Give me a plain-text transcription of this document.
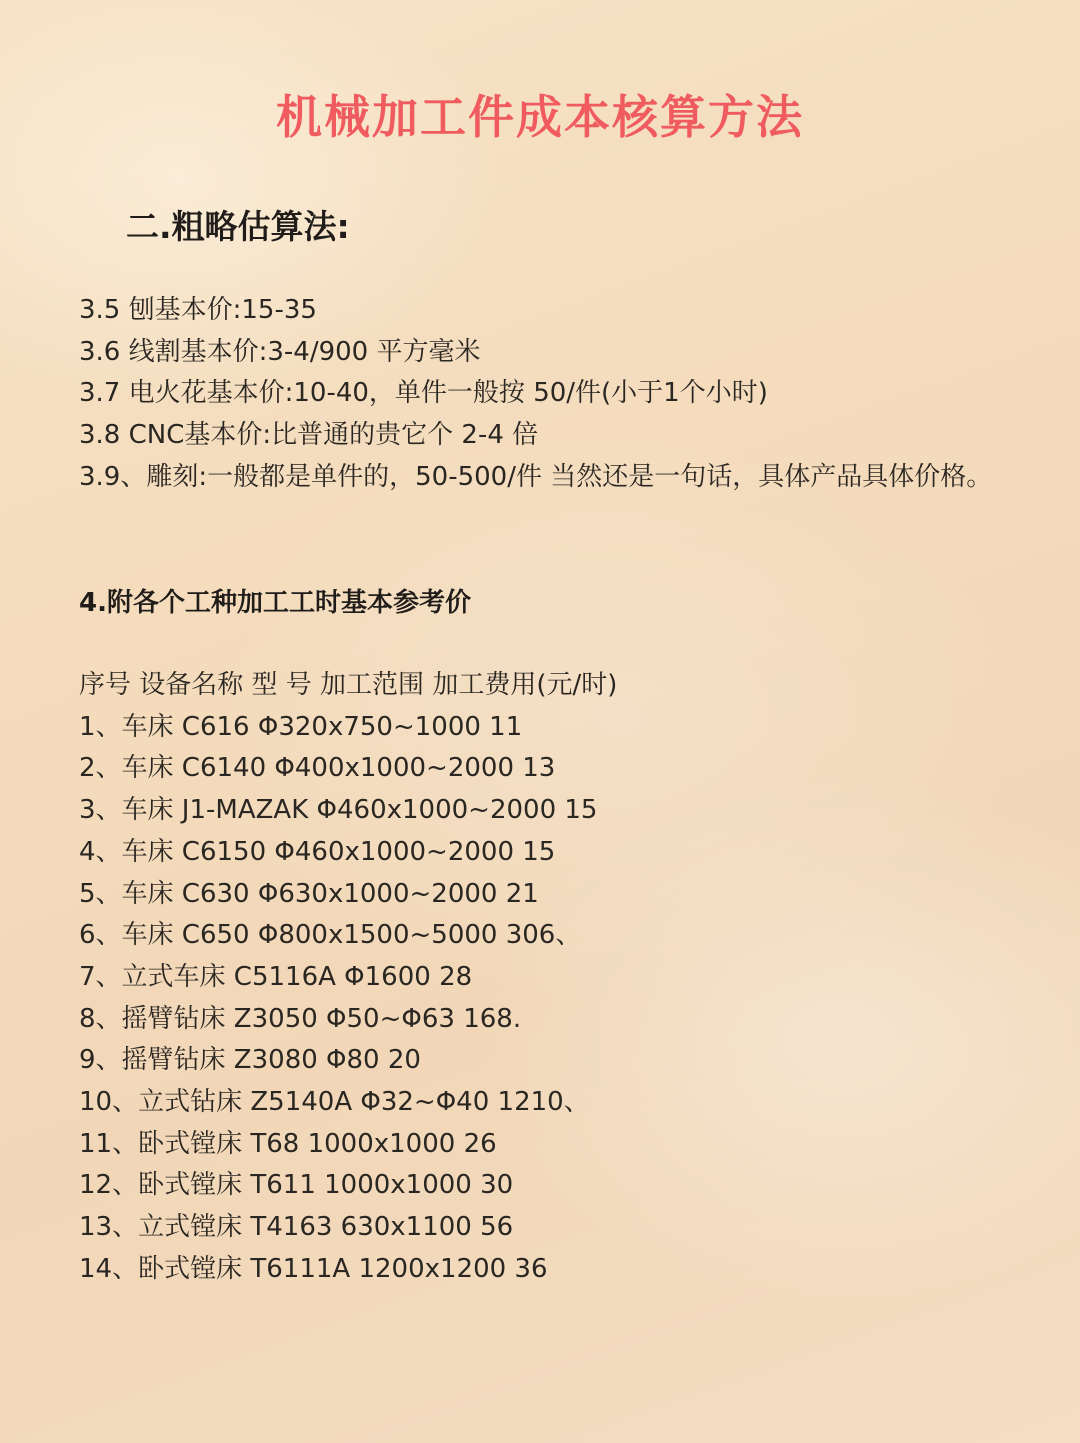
机械加工件成本核算方法
二.粗略估算法:
3.5 刨基本价:15-35
3.6 线割基本价:3-4/900 平方毫米
3.7 电火花基本价:10-40，单件一般按 50/件(小于1个小时)
3.8 CNC基本价:比普通的贵它个 2-4 倍
3.9、雕刻:一般都是单件的，50-500/件 当然还是一句话，具体产品具体价格。
4.附各个工种加工工时基本参考价
序号 设备名称 型 号 加工范围 加工费用(元/时)
1、车床 C616 Φ320x750~1000 11
2、车床 C6140 Φ400x1000~2000 13
3、车床 J1-MAZAK Φ460x1000~2000 15
4、车床 C6150 Φ460x1000~2000 15
5、车床 C630 Φ630x1000~2000 21
6、车床 C650 Φ800x1500~5000 306、
7、立式车床 C5116A Φ1600 28
8、摇臂钻床 Z3050 Φ50~Φ63 168.
9、摇臂钻床 Z3080 Φ80 20
10、立式钻床 Z5140A Φ32~Φ40 1210、
11、卧式镗床 T68 1000x1000 26
12、卧式镗床 T611 1000x1000 30
13、立式镗床 T4163 630x1100 56
14、卧式镗床 T6111A 1200x1200 36
